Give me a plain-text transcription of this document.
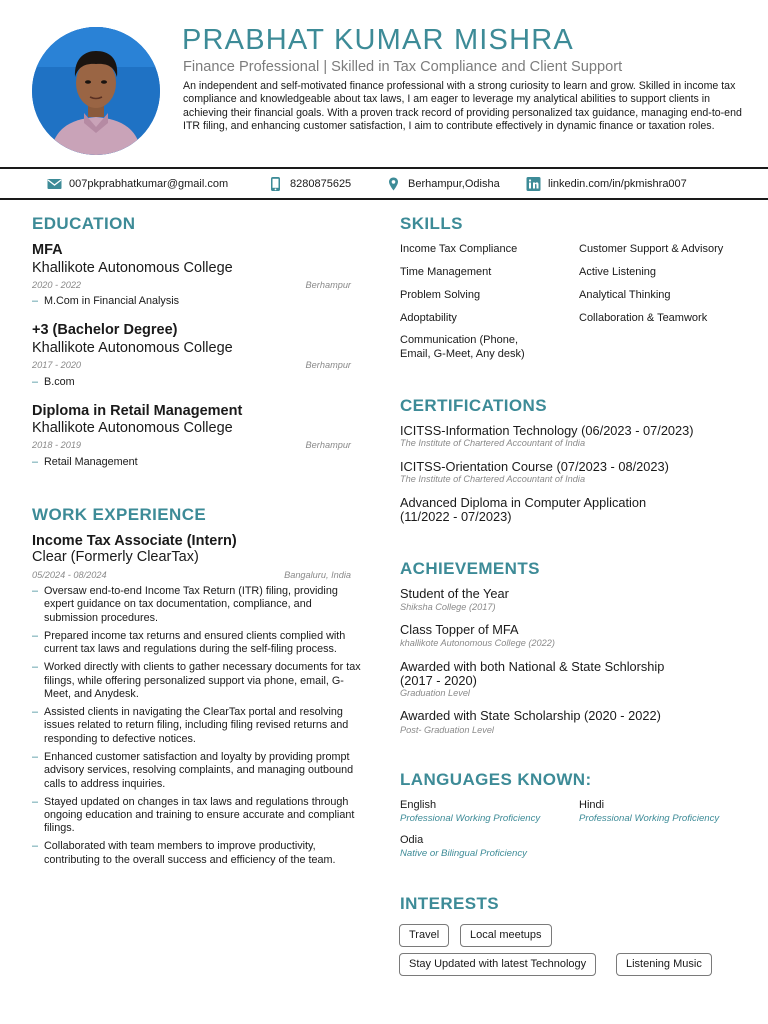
PRABHAT KUMAR MISHRA
Finance Professional | Skilled in Tax Compliance and Client Support
An independent and self-motivated finance professional with a strong curiosity to learn and grow. Skilled in income tax compliance and knowledgeable about tax laws, I am eager to leverage my analytical abilities to support clients in achieving their financial goals. With a proven track record of providing personalized tax guidance, managing end-to-end ITR filing, and enhancing customer satisfaction, I aim to contribute effectively in dynamic finance or taxation roles.
007pkprabhatkumar@gmail.com	8280875625	Berhampur,Odisha	linkedin.com/in/pkmishra007
EDUCATION
MFA
Khallikote Autonomous College
2020 - 2022	Berhampur
– M.Com in Financial Analysis
+3 (Bachelor Degree)
Khallikote Autonomous College
2017 - 2020	Berhampur
– B.com
Diploma in Retail Management
Khallikote Autonomous College
2018 - 2019	Berhampur
– Retail Management
WORK EXPERIENCE
Income Tax Associate (Intern)
Clear (Formerly ClearTax)
05/2024 - 08/2024	Bangaluru, India
– Oversaw end-to-end Income Tax Return (ITR) filing, providing expert guidance on tax documentation, compliance, and submission procedures.
– Prepared income tax returns and ensured clients complied with current tax laws and regulations during the self-filing process.
– Worked directly with clients to gather necessary documents for tax filings, while offering personalized support via phone, email, G-Meet, and Anydesk.
– Assisted clients in navigating the ClearTax portal and resolving issues related to return filing, including filing revised returns and responding to defective notices.
– Enhanced customer satisfaction and loyalty by providing prompt advisory services, resolving complaints, and managing outbound calls to address inquiries.
– Stayed updated on changes in tax laws and regulations through ongoing education and training to ensure accurate and compliant filings.
– Collaborated with team members to improve productivity, contributing to the overall success and efficiency of the team.
SKILLS
Income Tax Compliance
Time Management
Problem Solving
Adoptability
Communication (Phone, Email, G-Meet, Any desk)
Customer Support & Advisory
Active Listening
Analytical Thinking
Collaboration & Teamwork
CERTIFICATIONS
ICITSS-Information Technology (06/2023 - 07/2023)
The Institute of Chartered Accountant of India
ICITSS-Orientation Course (07/2023 - 08/2023)
The Institute of Chartered Accountant of India
Advanced Diploma in Computer Application (11/2022 - 07/2023)
ACHIEVEMENTS
Student of the Year
Shiksha College (2017)
Class Topper of MFA
khallikote Autonomous College (2022)
Awarded with both National & State Schlorship (2017 - 2020)
Graduation Level
Awarded with State Scholarship (2020 - 2022)
Post- Graduation Level
LANGUAGES KNOWN:
English
Professional Working Proficiency
Hindi
Professional Working Proficiency
Odia
Native or Bilingual Proficiency
INTERESTS
Travel	Local meetups
Stay Updated with latest Technology	Listening Music
